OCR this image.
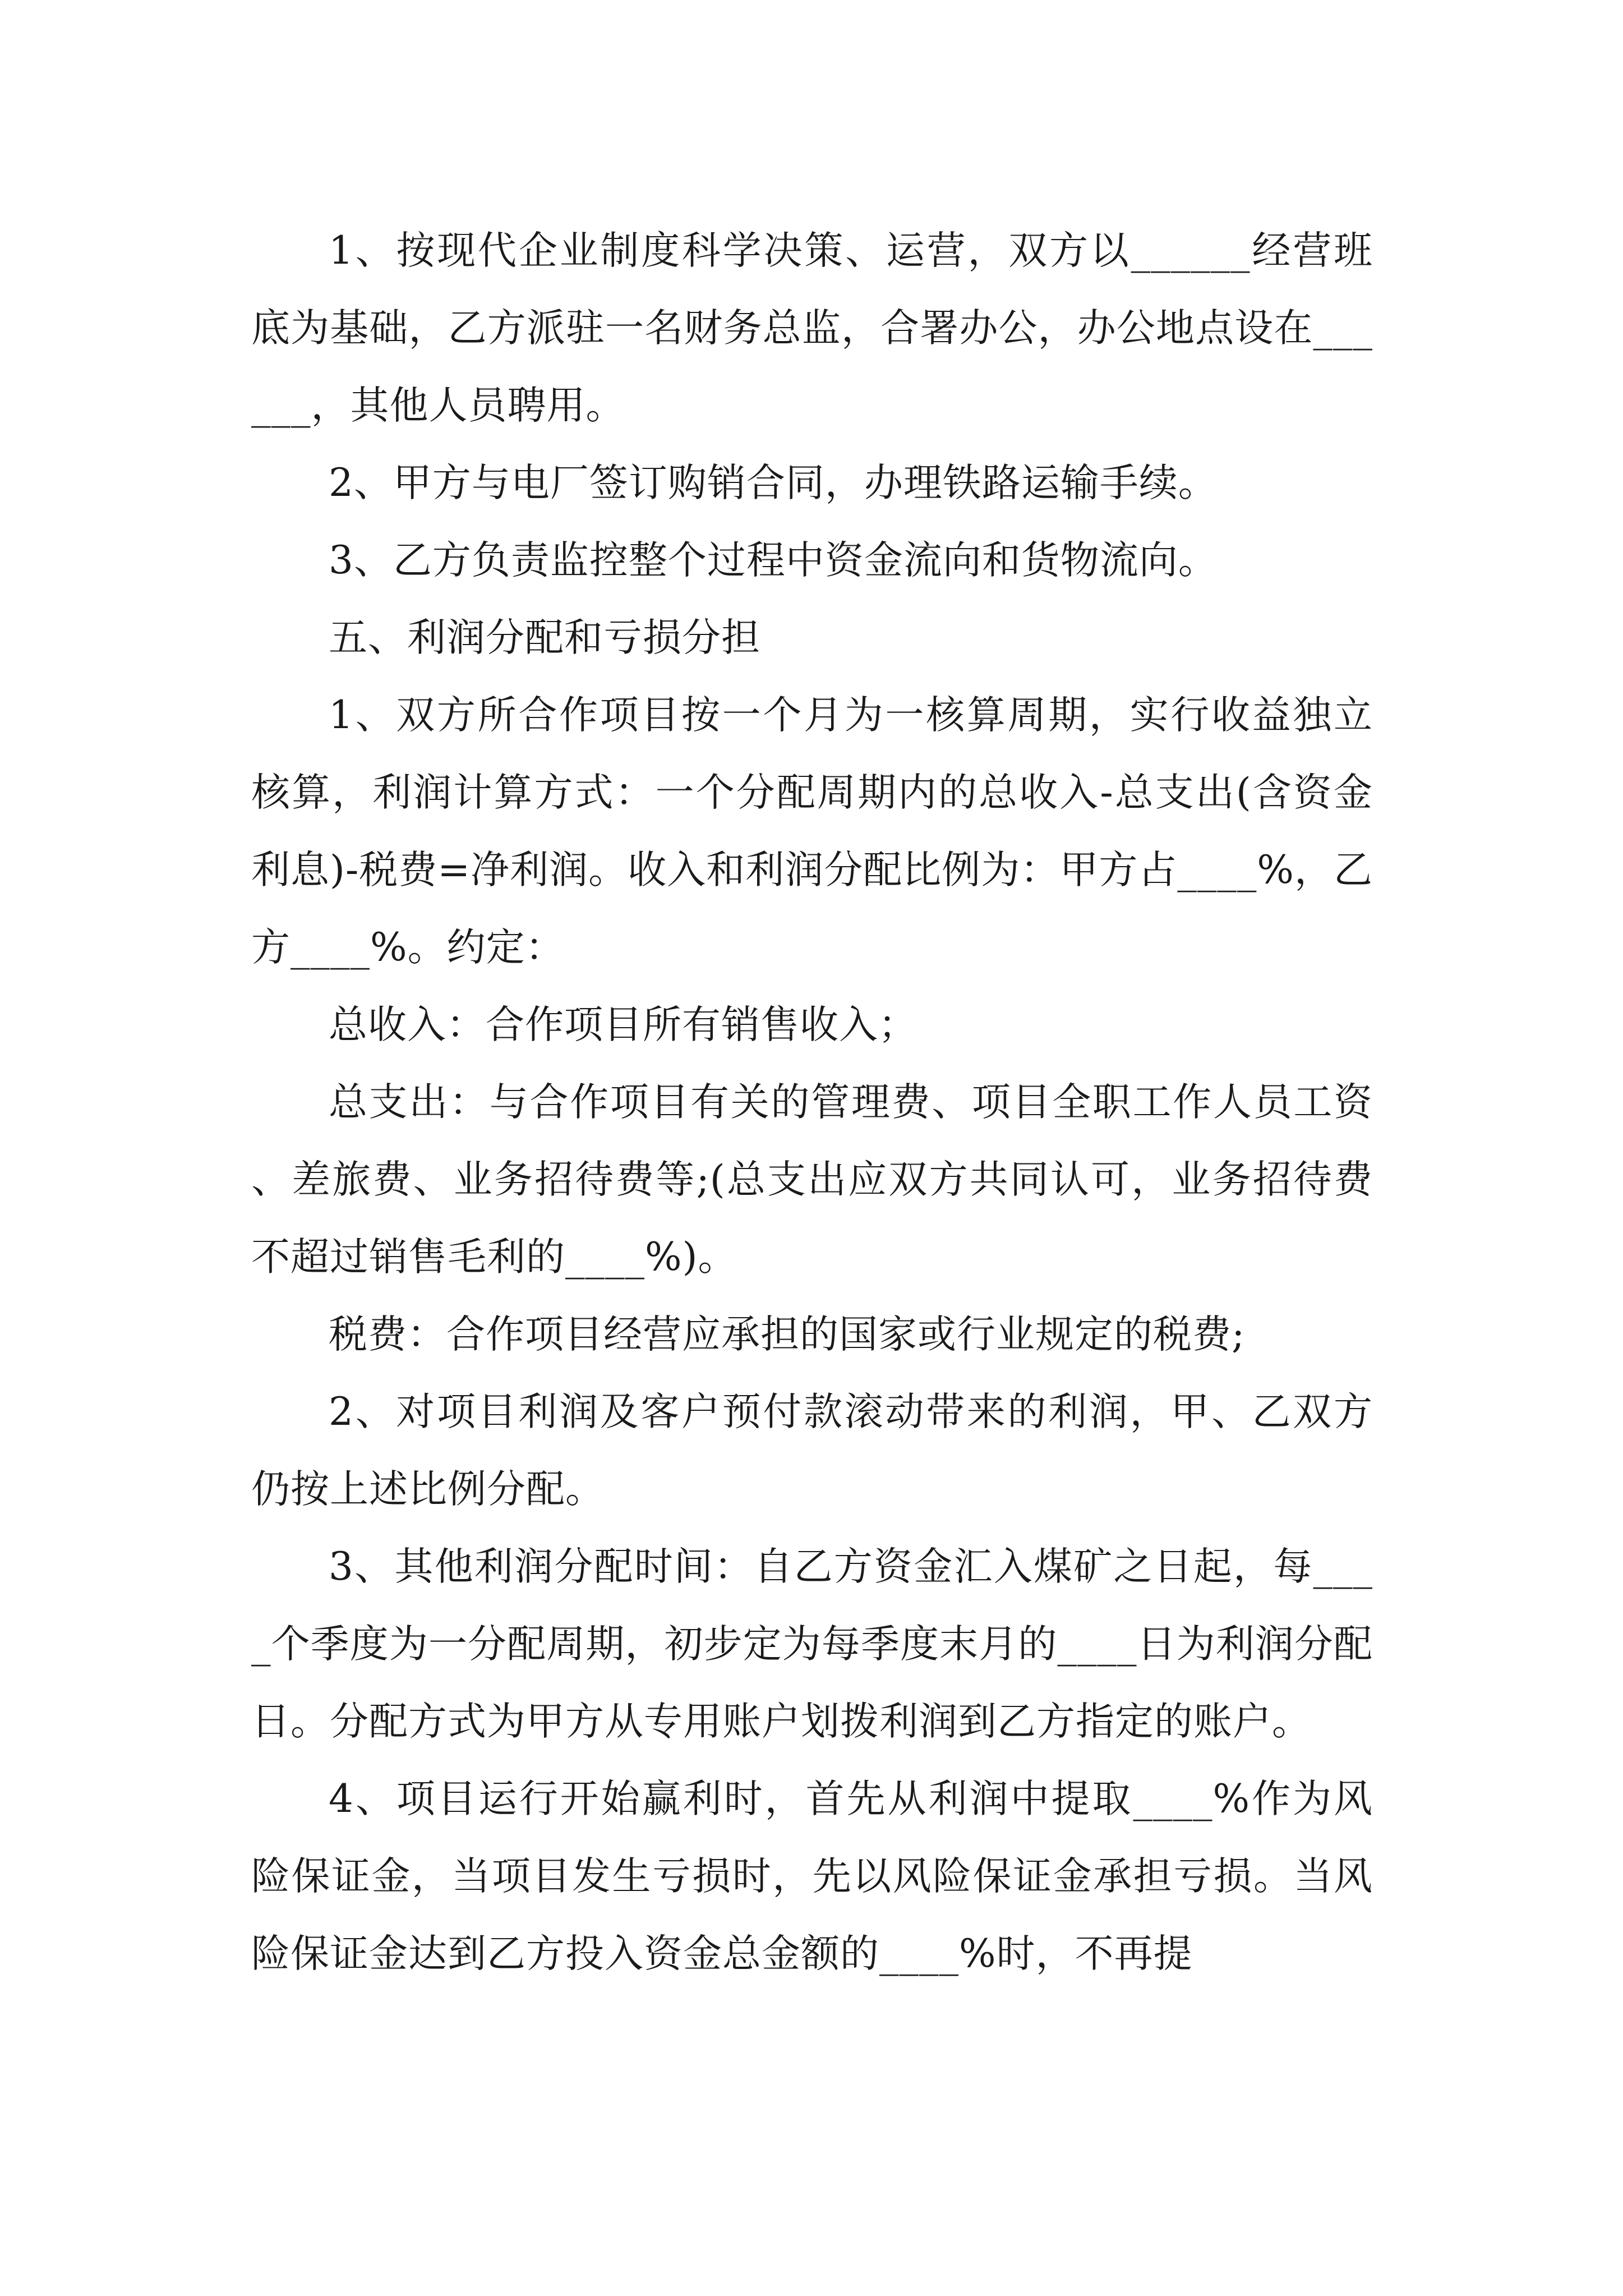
1、按现代企业制度科学决策、运营，双方以______经营班底为基础，乙方派驻一名财务总监，合署办公，办公地点设在______，其他人员聘用。

2、甲方与电厂签订购销合同，办理铁路运输手续。

3、乙方负责监控整个过程中资金流向和货物流向。

五、利润分配和亏损分担

1、双方所合作项目按一个月为一核算周期，实行收益独立核算，利润计算方式：一个分配周期内的总收入-总支出(含资金利息)-税费=净利润。收入和利润分配比例为：甲方占____%，乙方____%。约定：

总收入：合作项目所有销售收入；

总支出：与合作项目有关的管理费、项目全职工作人员工资、差旅费、业务招待费等;(总支出应双方共同认可，业务招待费不超过销售毛利的____%)。

税费：合作项目经营应承担的国家或行业规定的税费;

2、对项目利润及客户预付款滚动带来的利润，甲、乙双方仍按上述比例分配。

3、其他利润分配时间：自乙方资金汇入煤矿之日起，每____个季度为一分配周期，初步定为每季度末月的____日为利润分配日。分配方式为甲方从专用账户划拨利润到乙方指定的账户。

4、项目运行开始赢利时，首先从利润中提取____%作为风险保证金，当项目发生亏损时，先以风险保证金承担亏损。当风险保证金达到乙方投入资金总金额的____%时，不再提
